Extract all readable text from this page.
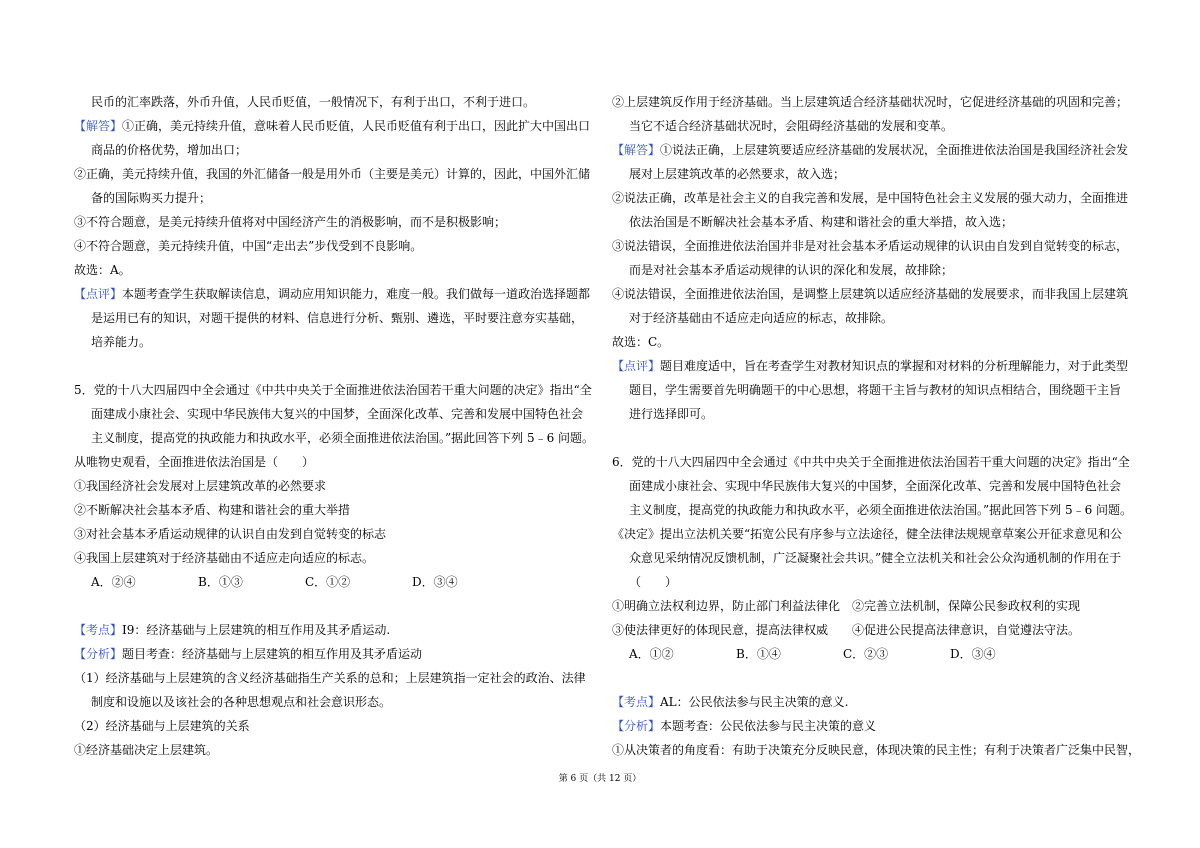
民币的汇率跌落，外币升值，人民币贬值，一般情况下，有利于出口，不利于进口。
【解答】①正确，美元持续升值，意味着人民币贬值，人民币贬值有利于出口，因此扩大中国出口
商品的价格优势，增加出口；
②正确，美元持续升值，我国的外汇储备一般是用外币（主要是美元）计算的，因此，中国外汇储
备的国际购买力提升；
③不符合题意，是美元持续升值将对中国经济产生的消极影响，而不是积极影响；
④不符合题意，美元持续升值，中国“走出去”步伐受到不良影响。
故选：A。
【点评】本题考查学生获取解读信息，调动应用知识能力，难度一般。我们做每一道政治选择题都
是运用已有的知识，对题干提供的材料、信息进行分析、甄别、遴选，平时要注意夯实基础，
培养能力。
5．党的十八大四届四中全会通过《中共中央关于全面推进依法治国若干重大问题的决定》指出“全
面建成小康社会、实现中华民族伟大复兴的中国梦，全面深化改革、完善和发展中国特色社会
主义制度，提高党的执政能力和执政水平，必须全面推进依法治国。”据此回答下列 5﹣6 问题。
从唯物史观看，全面推进依法治国是（　　）
①我国经济社会发展对上层建筑改革的必然要求
②不断解决社会基本矛盾、构建和谐社会的重大举措
③对社会基本矛盾运动规律的认识自由发到自觉转变的标志
④我国上层建筑对于经济基础由不适应走向适应的标志。
A．②④	B．①③	C．①②	D．③④
【考点】I9：经济基础与上层建筑的相互作用及其矛盾运动.
【分析】题目考查：经济基础与上层建筑的相互作用及其矛盾运动
（1）经济基础与上层建筑的含义经济基础指生产关系的总和；上层建筑指一定社会的政治、法律
制度和设施以及该社会的各种思想观点和社会意识形态。
（2）经济基础与上层建筑的关系
①经济基础决定上层建筑。
②上层建筑反作用于经济基础。当上层建筑适合经济基础状况时，它促进经济基础的巩固和完善；
当它不适合经济基础状况时，会阻碍经济基础的发展和变革。
【解答】①说法正确，上层建筑要适应经济基础的发展状况，全面推进依法治国是我国经济社会发
展对上层建筑改革的必然要求，故入选；
②说法正确，改革是社会主义的自我完善和发展，是中国特色社会主义发展的强大动力，全面推进
依法治国是不断解决社会基本矛盾、构建和谐社会的重大举措，故入选；
③说法错误，全面推进依法治国并非是对社会基本矛盾运动规律的认识由自发到自觉转变的标志，
而是对社会基本矛盾运动规律的认识的深化和发展，故排除；
④说法错误，全面推进依法治国，是调整上层建筑以适应经济基础的发展要求，而非我国上层建筑
对于经济基础由不适应走向适应的标志，故排除。
故选：C。
【点评】题目难度适中，旨在考查学生对教材知识点的掌握和对材料的分析理解能力，对于此类型
题目，学生需要首先明确题干的中心思想，将题干主旨与教材的知识点相结合，围绕题干主旨
进行选择即可。
6．党的十八大四届四中全会通过《中共中央关于全面推进依法治国若干重大问题的决定》指出“全
面建成小康社会、实现中华民族伟大复兴的中国梦，全面深化改革、完善和发展中国特色社会
主义制度，提高党的执政能力和执政水平，必须全面推进依法治国。”据此回答下列 5﹣6 问题。
《决定》提出立法机关要“拓宽公民有序参与立法途径，健全法律法规规章草案公开征求意见和公
众意见采纳情况反馈机制，广泛凝聚社会共识。”健全立法机关和社会公众沟通机制的作用在于
（　　）
①明确立法权利边界，防止部门利益法律化　②完善立法机制，保障公民参政权利的实现
③使法律更好的体现民意，提高法律权威　　④促进公民提高法律意识，自觉遵法守法。
A．①②	B．①④	C．②③	D．③④
【考点】AL：公民依法参与民主决策的意义.
【分析】本题考查：公民依法参与民主决策的意义
①从决策者的角度看：有助于决策充分反映民意，体现决策的民主性；有利于决策者广泛集中民智，
第 6 页（共 12 页）
